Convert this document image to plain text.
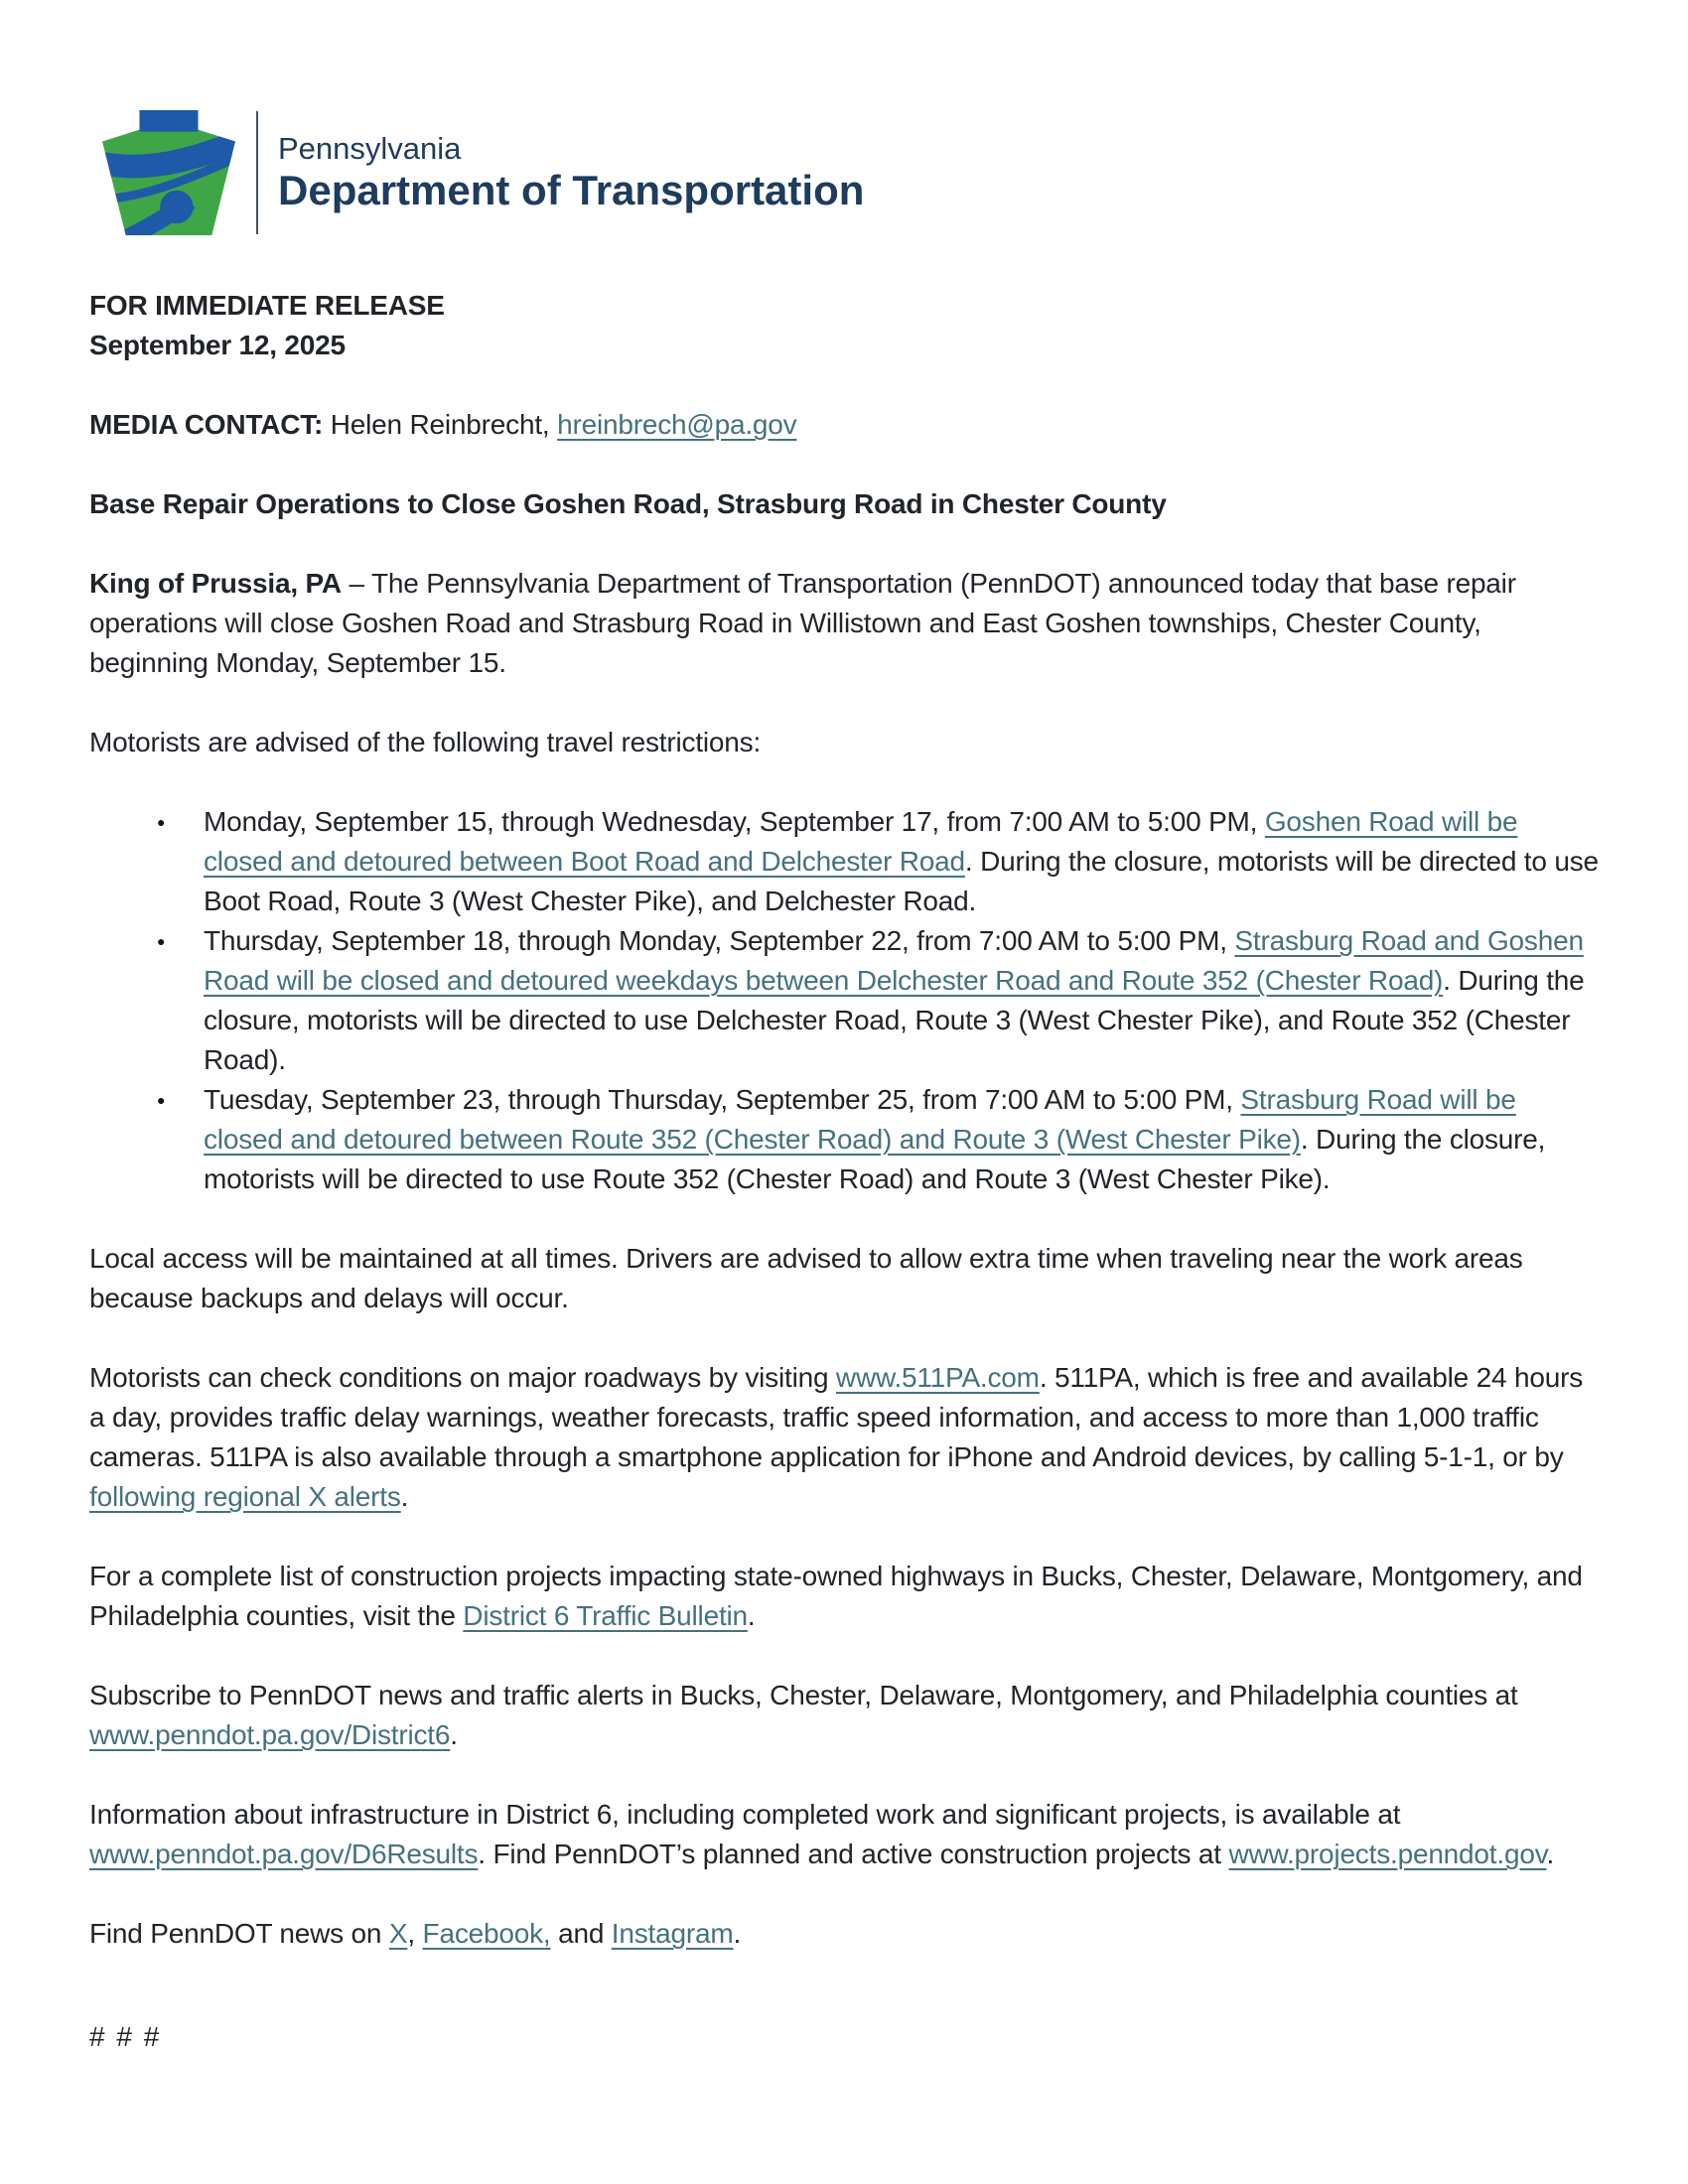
Pennsylvania
Department of Transportation

FOR IMMEDIATE RELEASE

September 12, 2025

MEDIA CONTACT: Helen Reinbrecht, hreinbrech@pa.gov

Base Repair Operations to Close Goshen Road, Strasburg Road in Chester County

King of Prussia, PA – The Pennsylvania Department of Transportation (PennDOT) announced today that base repair operations will close Goshen Road and Strasburg Road in Willistown and East Goshen townships, Chester County, beginning Monday, September 15.

Motorists are advised of the following travel restrictions:

● Monday, September 15, through Wednesday, September 17, from 7:00 AM to 5:00 PM, Goshen Road will be closed and detoured between Boot Road and Delchester Road. During the closure, motorists will be directed to use Boot Road, Route 3 (West Chester Pike), and Delchester Road.
● Thursday, September 18, through Monday, September 22, from 7:00 AM to 5:00 PM, Strasburg Road and Goshen Road will be closed and detoured weekdays between Delchester Road and Route 352 (Chester Road). During the closure, motorists will be directed to use Delchester Road, Route 3 (West Chester Pike), and Route 352 (Chester Road).
● Tuesday, September 23, through Thursday, September 25, from 7:00 AM to 5:00 PM, Strasburg Road will be closed and detoured between Route 352 (Chester Road) and Route 3 (West Chester Pike). During the closure, motorists will be directed to use Route 352 (Chester Road) and Route 3 (West Chester Pike).

Local access will be maintained at all times. Drivers are advised to allow extra time when traveling near the work areas because backups and delays will occur.

Motorists can check conditions on major roadways by visiting www.511PA.com. 511PA, which is free and available 24 hours a day, provides traffic delay warnings, weather forecasts, traffic speed information, and access to more than 1,000 traffic cameras. 511PA is also available through a smartphone application for iPhone and Android devices, by calling 5-1-1, or by following regional X alerts.

For a complete list of construction projects impacting state-owned highways in Bucks, Chester, Delaware, Montgomery, and Philadelphia counties, visit the District 6 Traffic Bulletin.

Subscribe to PennDOT news and traffic alerts in Bucks, Chester, Delaware, Montgomery, and Philadelphia counties at www.penndot.pa.gov/District6.

Information about infrastructure in District 6, including completed work and significant projects, is available at www.penndot.pa.gov/D6Results. Find PennDOT’s planned and active construction projects at www.projects.penndot.gov.

Find PennDOT news on X, Facebook, and Instagram.

# # #
